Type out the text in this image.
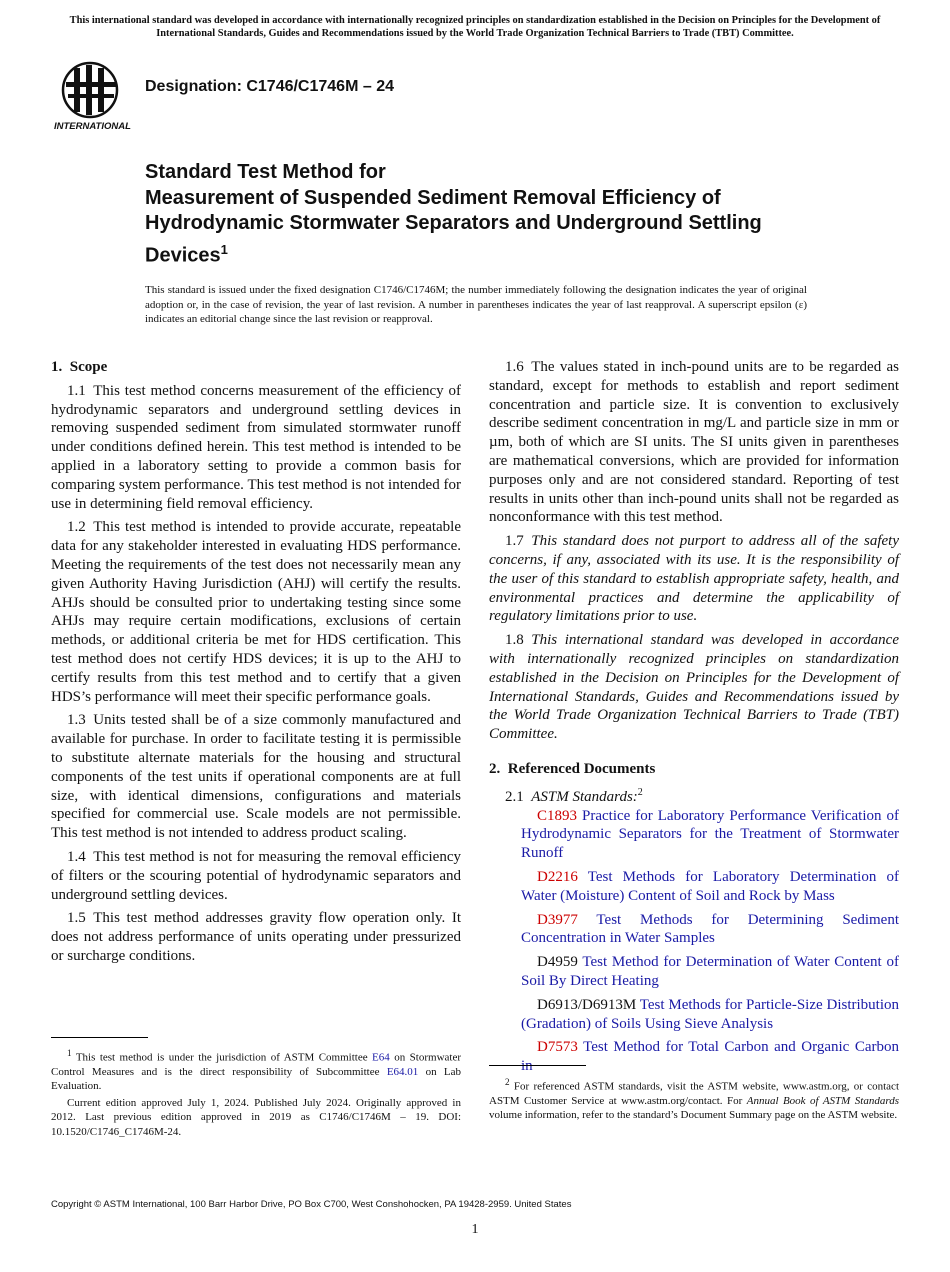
This international standard was developed in accordance with internationally recognized principles on standardization established in the Decision on Principles for the Development of International Standards, Guides and Recommendations issued by the World Trade Organization Technical Barriers to Trade (TBT) Committee.
INTERNATIONAL
Designation: C1746/C1746M – 24
Standard Test Method for
Measurement of Suspended Sediment Removal Efficiency of Hydrodynamic Stormwater Separators and Underground Settling Devices$^1$
This standard is issued under the fixed designation C1746/C1746M; the number immediately following the designation indicates the year of original adoption or, in the case of revision, the year of last revision. A number in parentheses indicates the year of last reapproval. A superscript epsilon (ε) indicates an editorial change since the last revision or reapproval.
1. Scope

1.1 This test method concerns measurement of the efficiency of hydrodynamic separators and underground settling devices in removing suspended sediment from simulated stormwater runoff under conditions defined herein. This test method is intended to be applied in a laboratory setting to provide a common basis for comparing system performance. This test method is not intended for use in determining field removal efficiency.

1.2 This test method is intended to provide accurate, repeatable data for any stakeholder interested in evaluating HDS performance. Meeting the requirements of the test does not necessarily mean any given Authority Having Jurisdiction (AHJ) will certify the results. AHJs should be consulted prior to undertaking testing since some AHJs may require certain modifications, exclusions of certain methods, or additional criteria be met for HDS certification. This test method does not certify HDS devices; it is up to the AHJ to certify results from this test method and to certify that a given HDS’s performance will meet their specific performance goals.

1.3 Units tested shall be of a size commonly manufactured and available for purchase. In order to facilitate testing it is permissible to substitute alternate materials for the housing and structural components of the test units if operational components are at full size, with identical dimensions, configurations and materials specified for commercial use. Scale models are not permissible. This test method is not intended to address product scaling.

1.4 This test method is not for measuring the removal efficiency of filters or the scouring potential of hydrodynamic separators and underground settling devices.

1.5 This test method addresses gravity flow operation only. It does not address performance of units operating under pressurized or surcharge conditions.

1.6 The values stated in inch-pound units are to be regarded as standard, except for methods to establish and report sediment concentration and particle size. It is convention to exclusively describe sediment concentration in mg/L and particle size in mm or µm, both of which are SI units. The SI units given in parentheses are mathematical conversions, which are provided for information purposes only and are not considered standard. Reporting of test results in units other than inch-pound units shall not be regarded as nonconformance with this test method.

1.7 This standard does not purport to address all of the safety concerns, if any, associated with its use. It is the responsibility of the user of this standard to establish appropriate safety, health, and environmental practices and determine the applicability of regulatory limitations prior to use.

1.8 This international standard was developed in accordance with internationally recognized principles on standardization established in the Decision on Principles for the Development of International Standards, Guides and Recommendations issued by the World Trade Organization Technical Barriers to Trade (TBT) Committee.

2. Referenced Documents

2.1 ASTM Standards:$^2$

C1893 Practice for Laboratory Performance Verification of Hydrodynamic Separators for the Treatment of Stormwater Runoff

D2216 Test Methods for Laboratory Determination of Water (Moisture) Content of Soil and Rock by Mass

D3977 Test Methods for Determining Sediment Concentration in Water Samples

D4959 Test Method for Determination of Water Content of Soil By Direct Heating

D6913/D6913M Test Methods for Particle-Size Distribution (Gradation) of Soils Using Sieve Analysis

D7573 Test Method for Total Carbon and Organic Carbon in

$^1$ This test method is under the jurisdiction of ASTM Committee E64 on Stormwater Control Measures and is the direct responsibility of Subcommittee E64.01 on Lab Evaluation.

Current edition approved July 1, 2024. Published July 2024. Originally approved in 2012. Last previous edition approved in 2019 as C1746/C1746M – 19. DOI: 10.1520/C1746_C1746M-24.

$^2$ For referenced ASTM standards, visit the ASTM website, www.astm.org, or contact ASTM Customer Service at www.astm.org/contact. For Annual Book of ASTM Standards volume information, refer to the standard’s Document Summary page on the ASTM website.

Copyright © ASTM International, 100 Barr Harbor Drive, PO Box C700, West Conshohocken, PA 19428-2959. United States
1
